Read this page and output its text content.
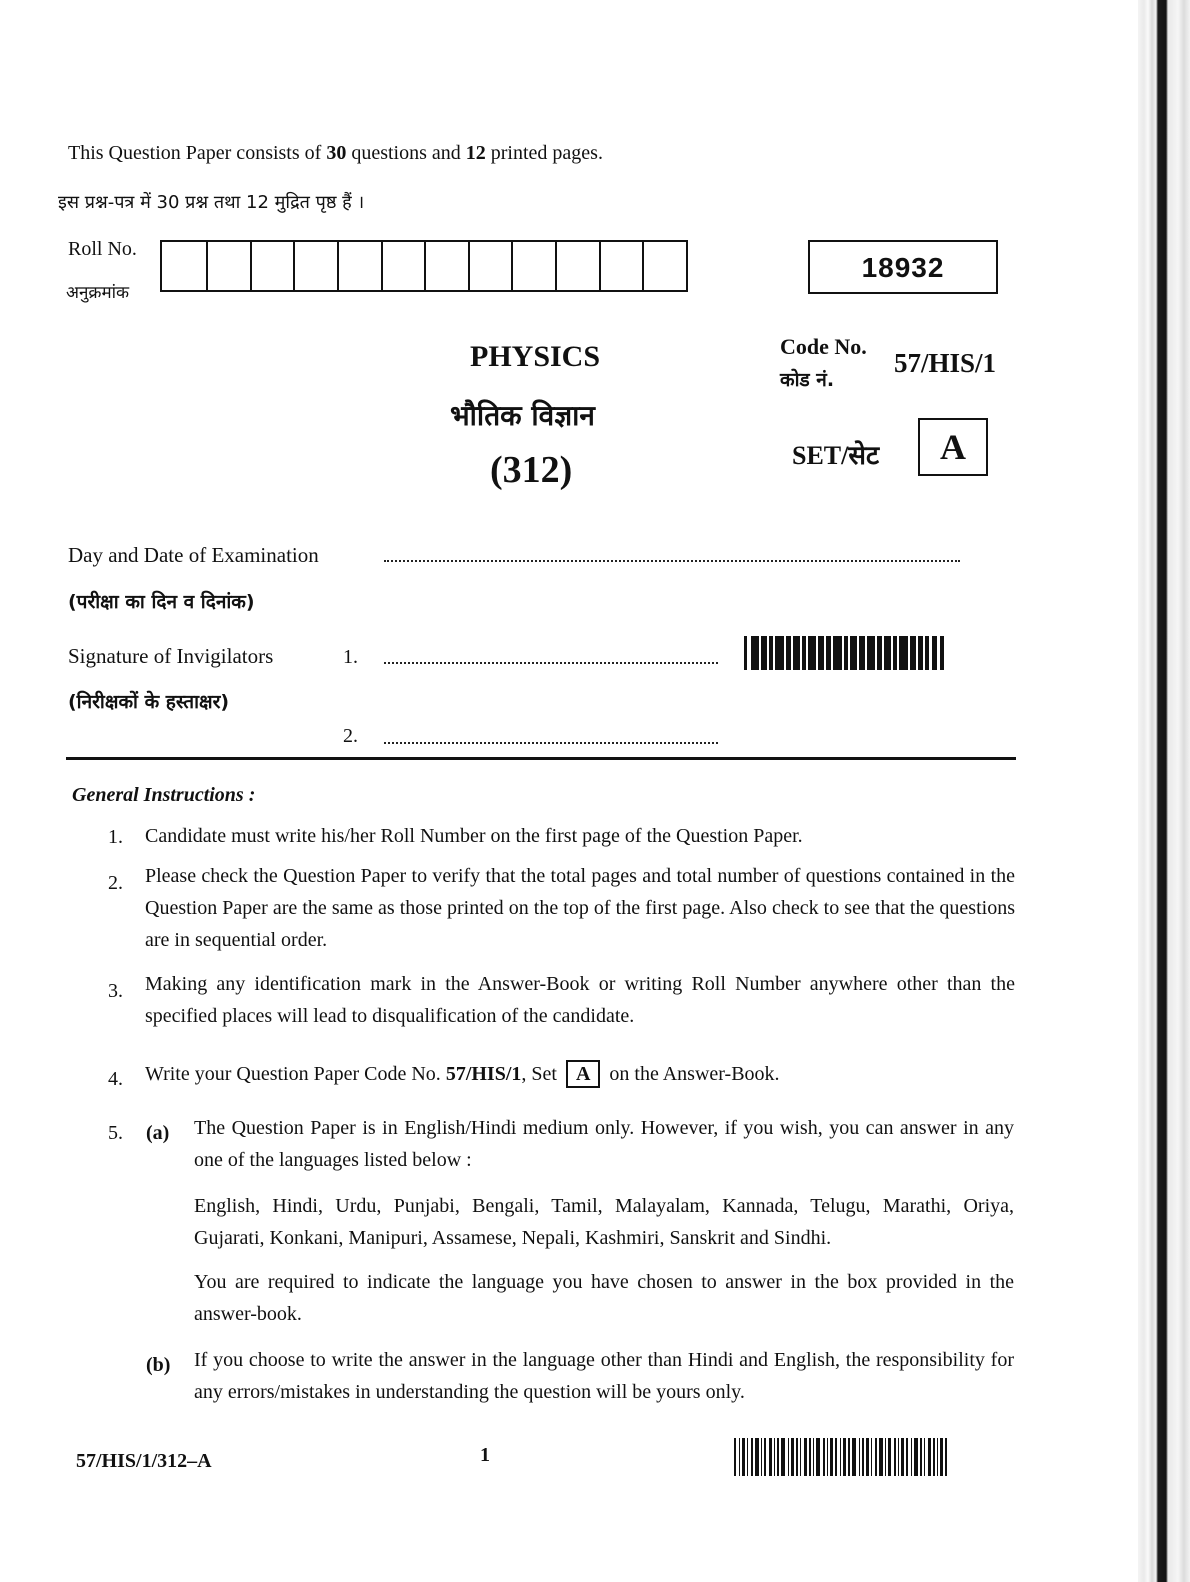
This Question Paper consists of 30 questions and 12 printed pages.
इस प्रश्न-पत्र में 30 प्रश्न तथा 12 मुद्रित पृष्ठ हैं ।
Roll No.
अनुक्रमांक
18932
PHYSICS
भौतिक विज्ञान
(312)
Code No.
कोड नं.
57/HIS/1
SET/सेट	A
Day and Date of Examination
(परीक्षा का दिन व दिनांक)
Signature of Invigilators	1.
(निरीक्षकों के हस्ताक्षर)
2.
General Instructions :
1. Candidate must write his/her Roll Number on the first page of the Question Paper.
2. Please check the Question Paper to verify that the total pages and total number of questions contained in the Question Paper are the same as those printed on the top of the first page. Also check to see that the questions are in sequential order.
3. Making any identification mark in the Answer-Book or writing Roll Number anywhere other than the specified places will lead to disqualification of the candidate.
4. Write your Question Paper Code No. 57/HIS/1, Set A on the Answer-Book.
5. (a) The Question Paper is in English/Hindi medium only. However, if you wish, you can answer in any one of the languages listed below :
English, Hindi, Urdu, Punjabi, Bengali, Tamil, Malayalam, Kannada, Telugu, Marathi, Oriya, Gujarati, Konkani, Manipuri, Assamese, Nepali, Kashmiri, Sanskrit and Sindhi.
You are required to indicate the language you have chosen to answer in the box provided in the answer-book.
(b) If you choose to write the answer in the language other than Hindi and English, the responsibility for any errors/mistakes in understanding the question will be yours only.
57/HIS/1/312–A	1
